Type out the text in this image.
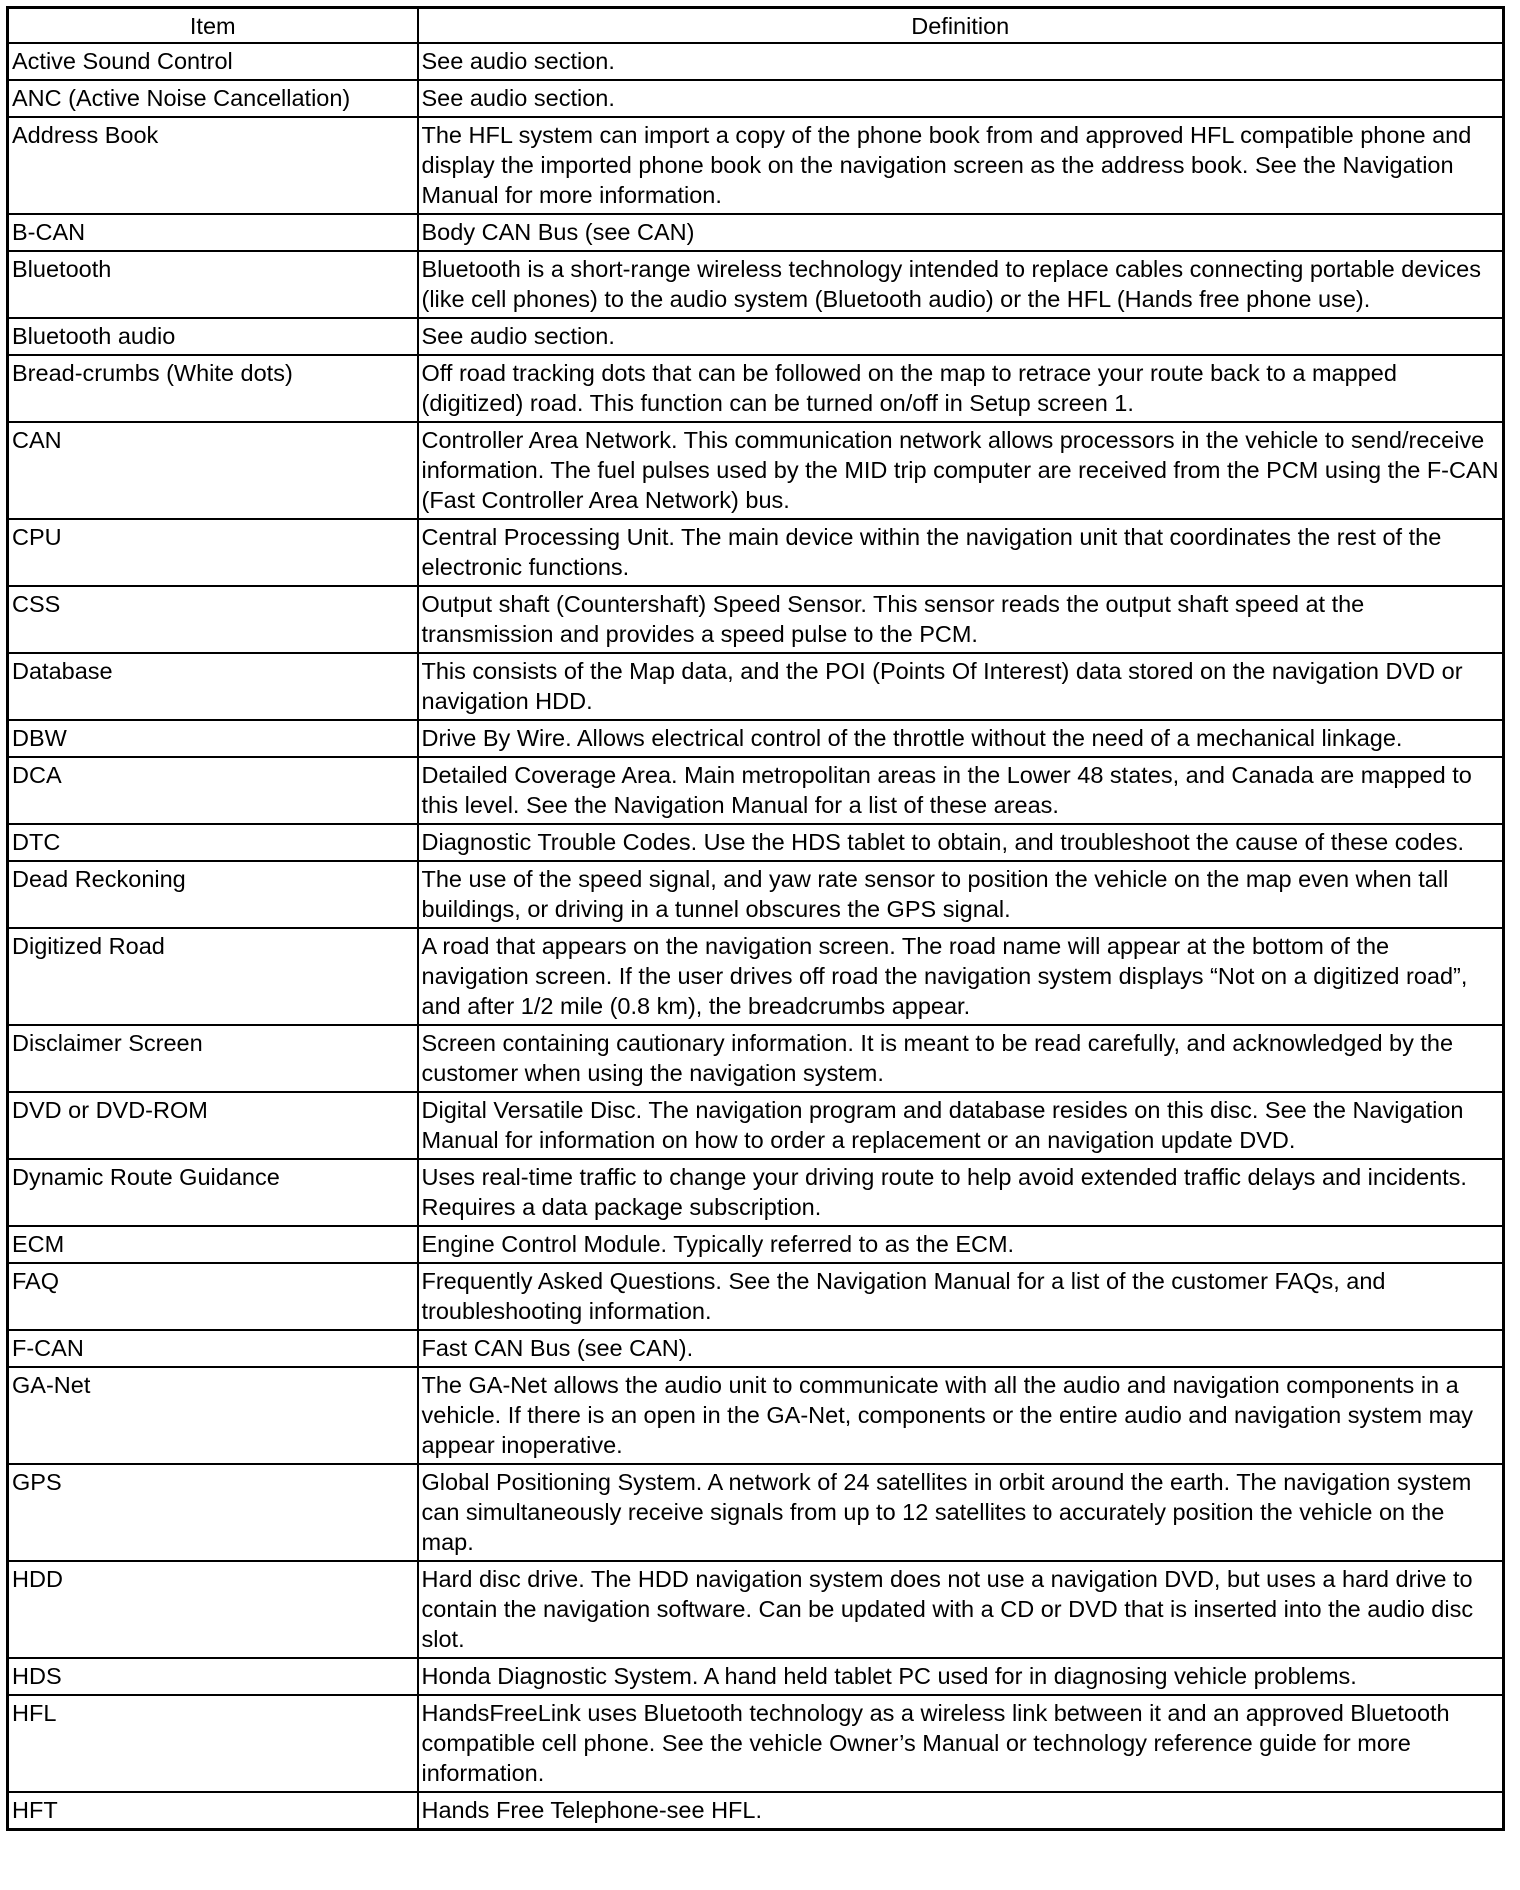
Item	Definition
Active Sound Control	See audio section.
ANC (Active Noise Cancellation)	See audio section.
Address Book	The HFL system can import a copy of the phone book from and approved HFL compatible phone and display the imported phone book on the navigation screen as the address book. See the Navigation Manual for more information.
B-CAN	Body CAN Bus (see CAN)
Bluetooth	Bluetooth is a short-range wireless technology intended to replace cables connecting portable devices (like cell phones) to the audio system (Bluetooth audio) or the HFL (Hands free phone use).
Bluetooth audio	See audio section.
Bread-crumbs (White dots)	Off road tracking dots that can be followed on the map to retrace your route back to a mapped (digitized) road. This function can be turned on/off in Setup screen 1.
CAN	Controller Area Network. This communication network allows processors in the vehicle to send/receive information. The fuel pulses used by the MID trip computer are received from the PCM using the F-CAN (Fast Controller Area Network) bus.
CPU	Central Processing Unit. The main device within the navigation unit that coordinates the rest of the electronic functions.
CSS	Output shaft (Countershaft) Speed Sensor. This sensor reads the output shaft speed at the transmission and provides a speed pulse to the PCM.
Database	This consists of the Map data, and the POI (Points Of Interest) data stored on the navigation DVD or navigation HDD.
DBW	Drive By Wire. Allows electrical control of the throttle without the need of a mechanical linkage.
DCA	Detailed Coverage Area. Main metropolitan areas in the Lower 48 states, and Canada are mapped to this level. See the Navigation Manual for a list of these areas.
DTC	Diagnostic Trouble Codes. Use the HDS tablet to obtain, and troubleshoot the cause of these codes.
Dead Reckoning	The use of the speed signal, and yaw rate sensor to position the vehicle on the map even when tall buildings, or driving in a tunnel obscures the GPS signal.
Digitized Road	A road that appears on the navigation screen. The road name will appear at the bottom of the navigation screen. If the user drives off road the navigation system displays “Not on a digitized road”, and after 1/2 mile (0.8 km), the breadcrumbs appear.
Disclaimer Screen	Screen containing cautionary information. It is meant to be read carefully, and acknowledged by the customer when using the navigation system.
DVD or DVD-ROM	Digital Versatile Disc. The navigation program and database resides on this disc. See the Navigation Manual for information on how to order a replacement or an navigation update DVD.
Dynamic Route Guidance	Uses real-time traffic to change your driving route to help avoid extended traffic delays and incidents. Requires a data package subscription.
ECM	Engine Control Module. Typically referred to as the ECM.
FAQ	Frequently Asked Questions. See the Navigation Manual for a list of the customer FAQs, and troubleshooting information.
F-CAN	Fast CAN Bus (see CAN).
GA-Net	The GA-Net allows the audio unit to communicate with all the audio and navigation components in a vehicle. If there is an open in the GA-Net, components or the entire audio and navigation system may appear inoperative.
GPS	Global Positioning System. A network of 24 satellites in orbit around the earth. The navigation system can simultaneously receive signals from up to 12 satellites to accurately position the vehicle on the map.
HDD	Hard disc drive. The HDD navigation system does not use a navigation DVD, but uses a hard drive to contain the navigation software. Can be updated with a CD or DVD that is inserted into the audio disc slot.
HDS	Honda Diagnostic System. A hand held tablet PC used for in diagnosing vehicle problems.
HFL	HandsFreeLink uses Bluetooth technology as a wireless link between it and an approved Bluetooth compatible cell phone. See the vehicle Owner’s Manual or technology reference guide for more information.
HFT	Hands Free Telephone-see HFL.
